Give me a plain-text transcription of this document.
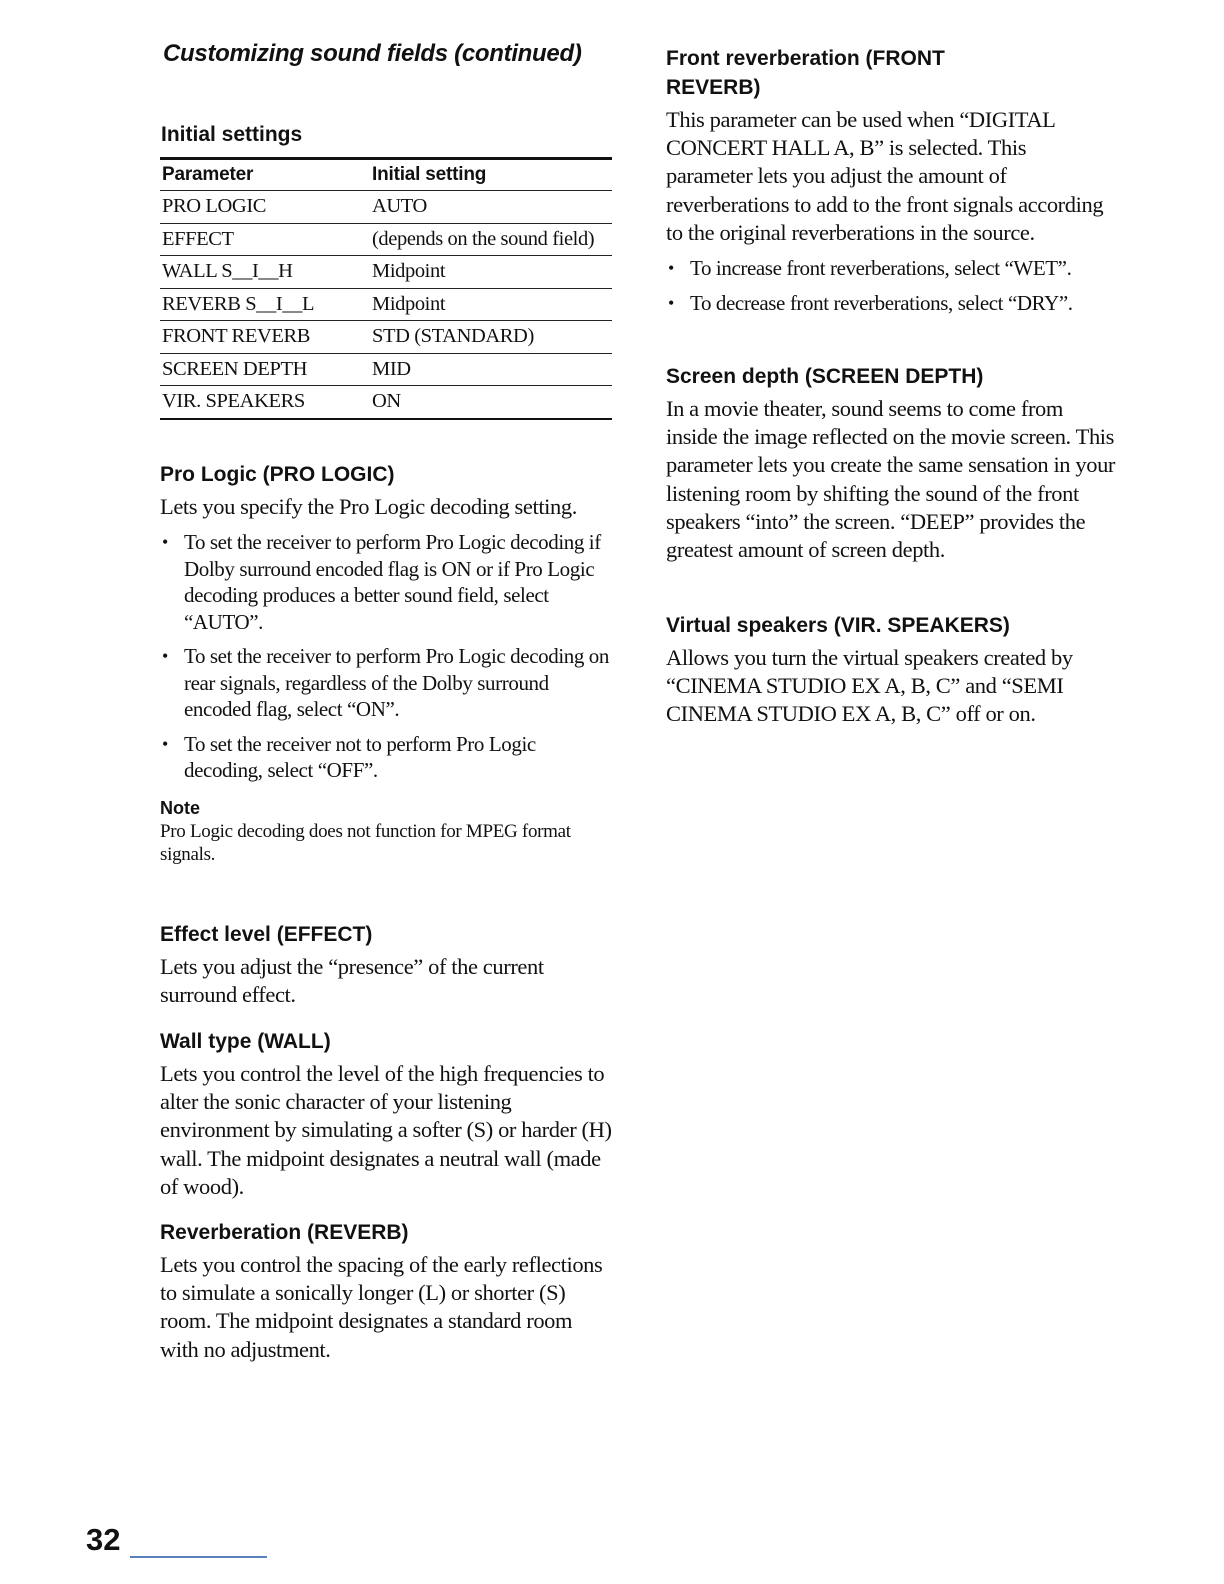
Customizing sound fields (continued)
Initial settings
Parameter	Initial setting
PRO LOGIC	AUTO
EFFECT	(depends on the sound field)
WALL S__I__H	Midpoint
REVERB S__I__L	Midpoint
FRONT REVERB	STD (STANDARD)
SCREEN DEPTH	MID
VIR. SPEAKERS	ON
Pro Logic (PRO LOGIC)

Lets you specify the Pro Logic decoding setting.

• To set the receiver to perform Pro Logic decoding if Dolby surround encoded flag is ON or if Pro Logic decoding produces a better sound field, select “AUTO”.
• To set the receiver to perform Pro Logic decoding on rear signals, regardless of the Dolby surround encoded flag, select “ON”.
• To set the receiver not to perform Pro Logic decoding, select “OFF”.
Note

Pro Logic decoding does not function for MPEG format signals.

Effect level (EFFECT)

Lets you adjust the “presence” of the current surround effect.

Wall type (WALL)

Lets you control the level of the high frequencies to alter the sonic character of your listening environment by simulating a softer (S) or harder (H) wall. The midpoint designates a neutral wall (made of wood).

Reverberation (REVERB)

Lets you control the spacing of the early reflections to simulate a sonically longer (L) or shorter (S) room. The midpoint designates a standard room with no adjustment.

Front reverberation (FRONT
REVERB)

This parameter can be used when “DIGITAL CONCERT HALL A, B” is selected. This parameter lets you adjust the amount of reverberations to add to the front signals according to the original reverberations in the source.

• To increase front reverberations, select “WET”.
• To decrease front reverberations, select “DRY”.
Screen depth (SCREEN DEPTH)

In a movie theater, sound seems to come from inside the image reflected on the movie screen. This parameter lets you create the same sensation in your listening room by shifting the sound of the front speakers “into” the screen. “DEEP” provides the greatest amount of screen depth.

Virtual speakers (VIR. SPEAKERS)

Allows you turn the virtual speakers created by “CINEMA STUDIO EX A, B, C” and “SEMI CINEMA STUDIO EX A, B, C” off or on.

32
